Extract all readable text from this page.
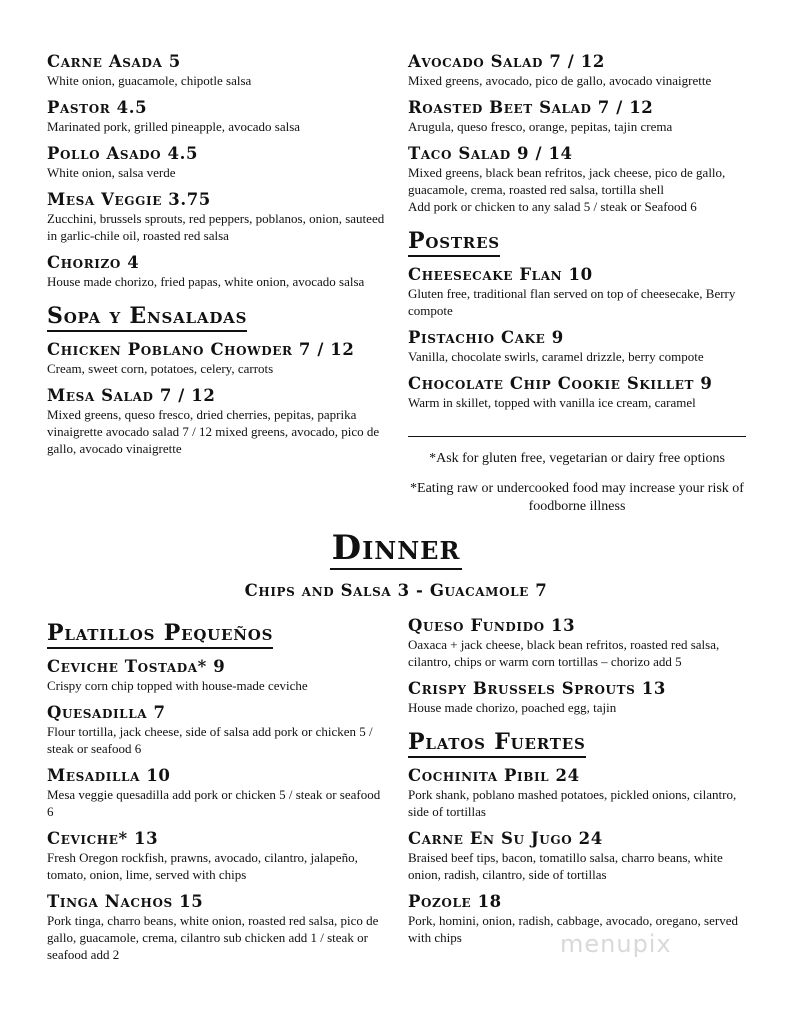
Carne Asada 5

White onion, guacamole, chipotle salsa

Pastor 4.5

Marinated pork, grilled pineapple, avocado salsa

Pollo Asado 4.5

White onion, salsa verde

Mesa Veggie 3.75

Zucchini, brussels sprouts, red peppers, poblanos, onion, sauteed in garlic-chile oil, roasted red salsa

Chorizo 4

House made chorizo, fried papas, white onion, avocado salsa

Sopa y Ensaladas

Chicken Poblano Chowder 7 / 12

Cream, sweet corn, potatoes, celery, carrots

Mesa Salad 7 / 12

Mixed greens, queso fresco, dried cherries, pepitas, paprika vinaigrette avocado salad 7 / 12 mixed greens, avocado, pico de gallo, avocado vinaigrette

Avocado Salad 7 / 12

Mixed greens, avocado, pico de gallo, avocado vinaigrette

Roasted Beet Salad 7 / 12

Arugula, queso fresco, orange, pepitas, tajin crema

Taco Salad 9 / 14

Mixed greens, black bean refritos, jack cheese, pico de gallo, guacamole, crema, roasted red salsa, tortilla shell

Add pork or chicken to any salad 5 / steak or Seafood 6

Postres

Cheesecake Flan 10

Gluten free, traditional flan served on top of cheesecake, Berry compote

Pistachio Cake 9

Vanilla, chocolate swirls, caramel drizzle, berry compote

Chocolate Chip Cookie Skillet 9

Warm in skillet, topped with vanilla ice cream, caramel

*Ask for gluten free, vegetarian or dairy free options

*Eating raw or undercooked food may increase your risk of foodborne illness

Dinner
Chips and Salsa 3 - Guacamole 7
Platillos Pequeños

Ceviche Tostada* 9

Crispy corn chip topped with house-made ceviche

Quesadilla 7

Flour tortilla, jack cheese, side of salsa add pork or chicken 5 / steak or seafood 6

Mesadilla 10

Mesa veggie quesadilla add pork or chicken 5 / steak or seafood 6

Ceviche* 13

Fresh Oregon rockfish, prawns, avocado, cilantro, jalapeño, tomato, onion, lime, served with chips

Tinga Nachos 15

Pork tinga, charro beans, white onion, roasted red salsa, pico de gallo, guacamole, crema, cilantro sub chicken add 1 / steak or seafood add 2

Queso Fundido 13

Oaxaca + jack cheese, black bean refritos, roasted red salsa, cilantro, chips or warm corn tortillas – chorizo add 5

Crispy Brussels Sprouts 13

House made chorizo, poached egg, tajin

Platos Fuertes

Cochinita Pibil 24

Pork shank, poblano mashed potatoes, pickled onions, cilantro, side of tortillas

Carne En Su Jugo 24

Braised beef tips, bacon, tomatillo salsa, charro beans, white onion, radish, cilantro, side of tortillas

Pozole 18

Pork, homini, onion, radish, cabbage, avocado, oregano, served with chips	menupix
